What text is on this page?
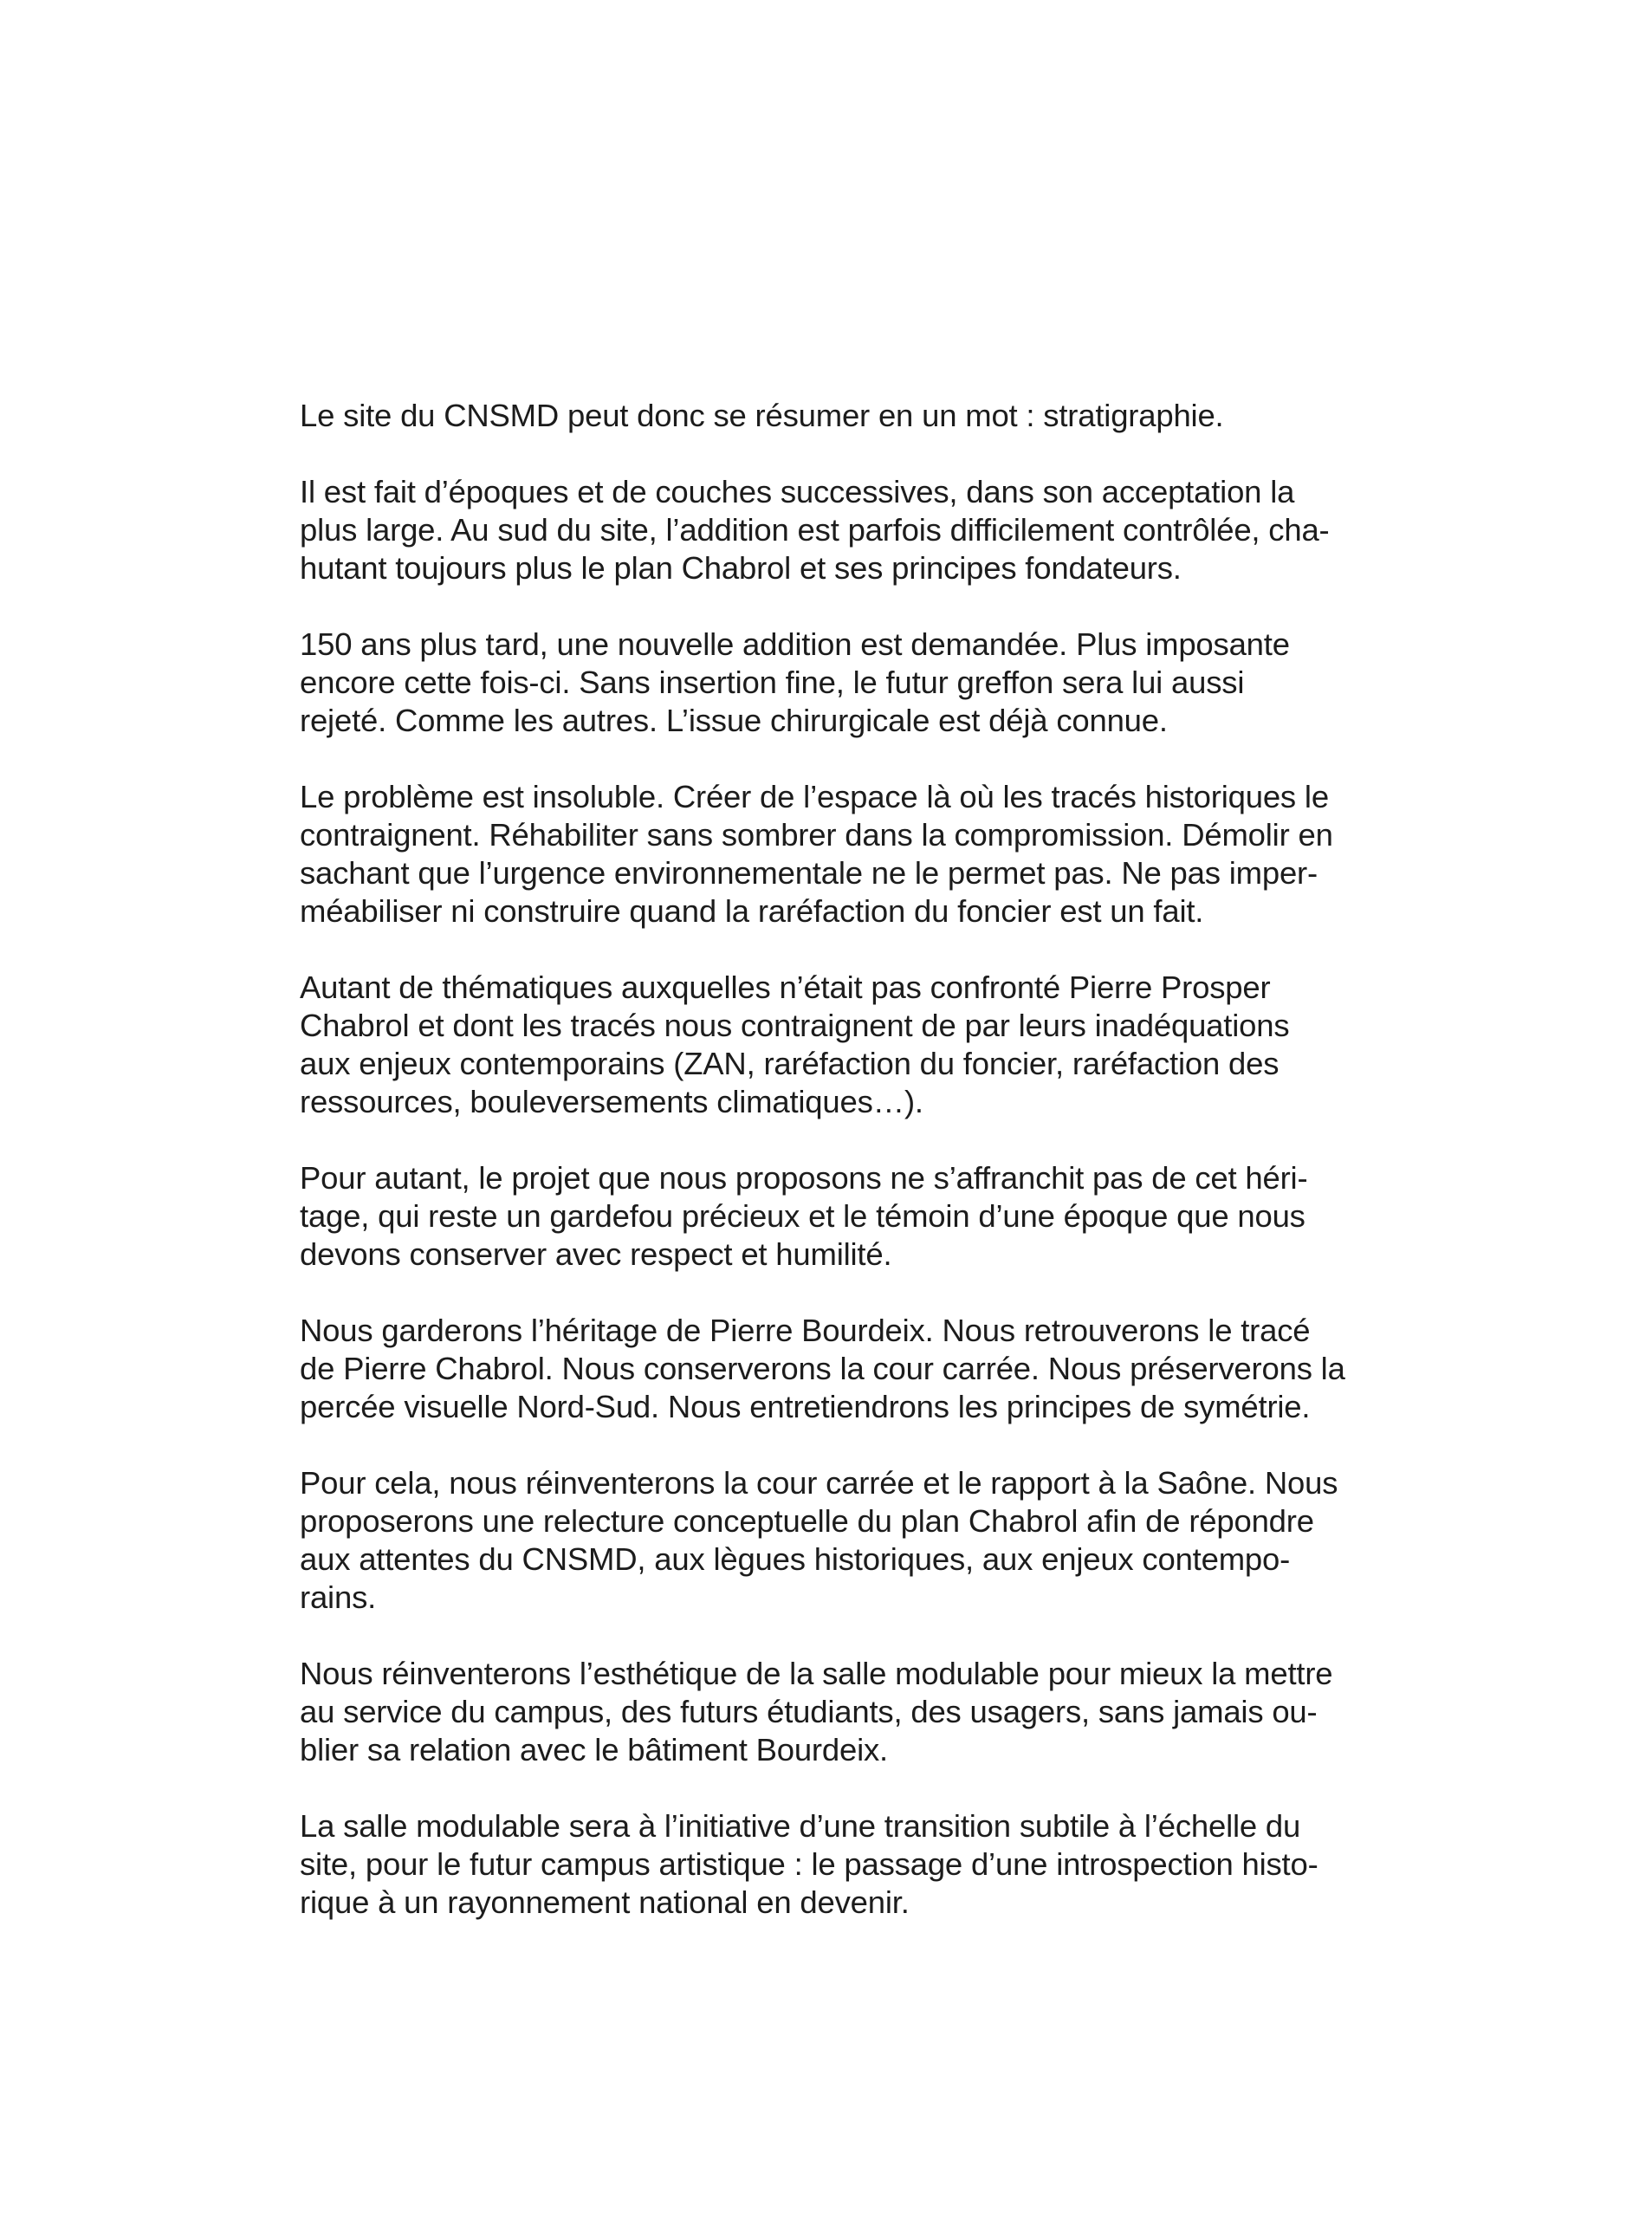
Le site du CNSMD peut donc se résumer en un mot : stratigraphie.

Il est fait d’époques et de couches successives, dans son acceptation la
plus large. Au sud du site, l’addition est parfois difficilement contrôlée, cha-
hutant toujours plus le plan Chabrol et ses principes fondateurs.

150 ans plus tard, une nouvelle addition est demandée. Plus imposante
encore cette fois-ci. Sans insertion fine, le futur greffon sera lui aussi
rejeté. Comme les autres. L’issue chirurgicale est déjà connue.

Le problème est insoluble. Créer de l’espace là où les tracés historiques le
contraignent. Réhabiliter sans sombrer dans la compromission. Démolir en
sachant que l’urgence environnementale ne le permet pas. Ne pas imper-
méabiliser ni construire quand la raréfaction du foncier est un fait.

Autant de thématiques auxquelles n’était pas confronté Pierre Prosper
Chabrol et dont les tracés nous contraignent de par leurs inadéquations
aux enjeux contemporains (ZAN, raréfaction du foncier, raréfaction des
ressources, bouleversements climatiques…).

Pour autant, le projet que nous proposons ne s’affranchit pas de cet héri-
tage, qui reste un gardefou précieux et le témoin d’une époque que nous
devons conserver avec respect et humilité.

Nous garderons l’héritage de Pierre Bourdeix. Nous retrouverons le tracé
de Pierre Chabrol. Nous conserverons la cour carrée. Nous préserverons la
percée visuelle Nord-Sud. Nous entretiendrons les principes de symétrie.

Pour cela, nous réinventerons la cour carrée et le rapport à la Saône. Nous
proposerons une relecture conceptuelle du plan Chabrol afin de répondre
aux attentes du CNSMD, aux lègues historiques, aux enjeux contempo-
rains.

Nous réinventerons l’esthétique de la salle modulable pour mieux la mettre
au service du campus, des futurs étudiants, des usagers, sans jamais ou-
blier sa relation avec le bâtiment Bourdeix.

La salle modulable sera à l’initiative d’une transition subtile à l’échelle du
site, pour le futur campus artistique : le passage d’une introspection histo-
rique à un rayonnement national en devenir.
